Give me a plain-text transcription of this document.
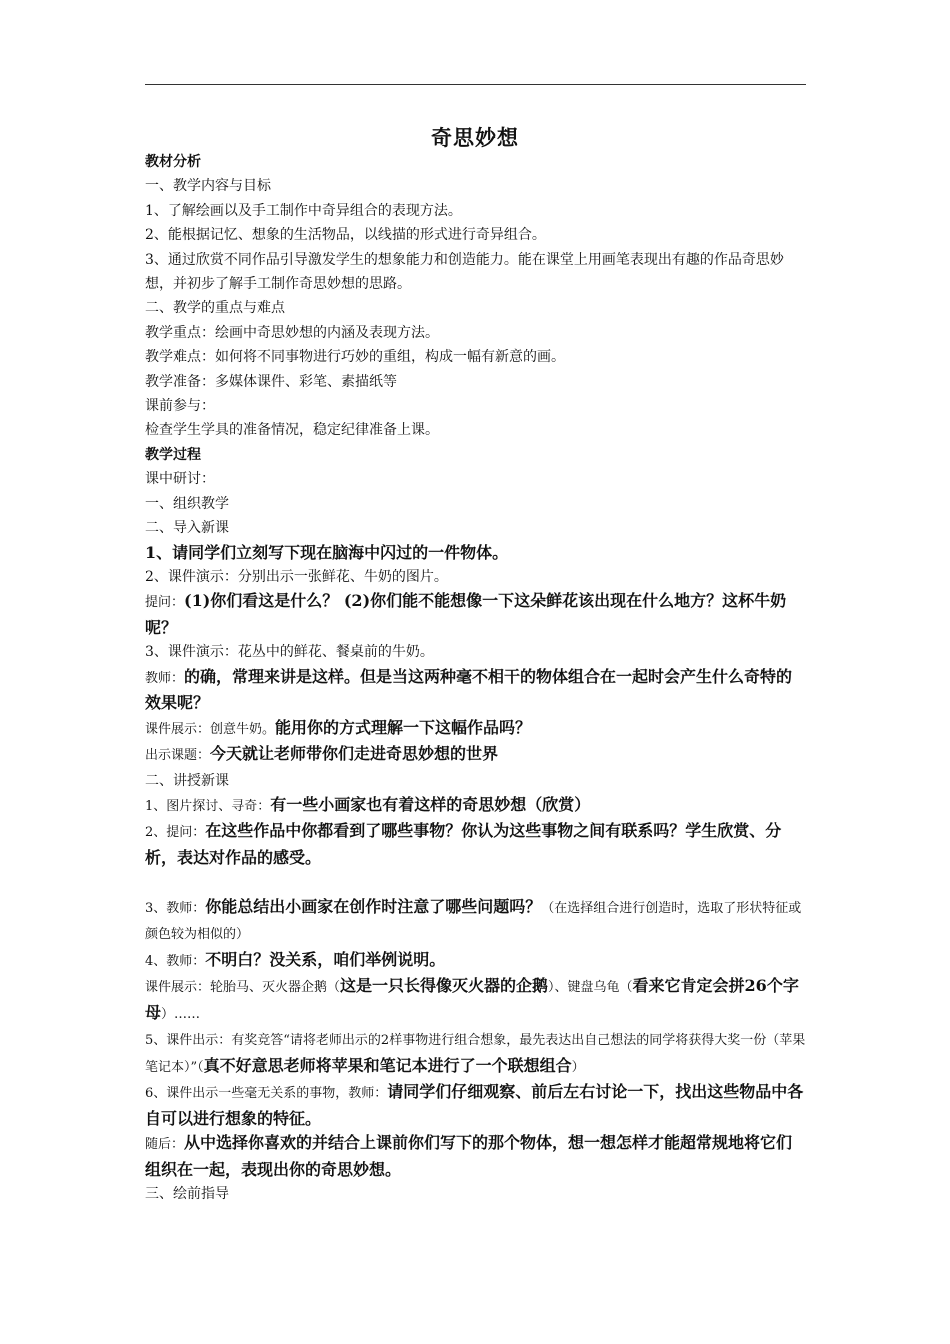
奇思妙想
教材分析
一、教学内容与目标
1、了解绘画以及手工制作中奇异组合的表现方法。
2、能根据记忆、想象的生活物品，以线描的形式进行奇异组合。
3、通过欣赏不同作品引导激发学生的想象能力和创造能力。能在课堂上用画笔表现出有趣的作品奇思妙想，并初步了解手工制作奇思妙想的思路。
二、教学的重点与难点
教学重点：绘画中奇思妙想的内涵及表现方法。
教学难点：如何将不同事物进行巧妙的重组，构成一幅有新意的画。
教学准备：多媒体课件、彩笔、素描纸等
课前参与：
检查学生学具的准备情况，稳定纪律准备上课。
教学过程
课中研讨：
一、组织教学
二、导入新课
1、请同学们立刻写下现在脑海中闪过的一件物体。
2、课件演示：分别出示一张鲜花、牛奶的图片。
提问：(1)你们看这是什么？ (2)你们能不能想像一下这朵鲜花该出现在什么地方？这杯牛奶呢？
3、课件演示：花丛中的鲜花、餐桌前的牛奶。
教师：的确，常理来讲是这样。但是当这两种毫不相干的物体组合在一起时会产生什么奇特的效果呢？
课件展示：创意牛奶。能用你的方式理解一下这幅作品吗？
出示课题：今天就让老师带你们走进奇思妙想的世界
二、讲授新课
1、图片探讨、寻奇：有一些小画家也有着这样的奇思妙想（欣赏）
2、提问：在这些作品中你都看到了哪些事物？你认为这些事物之间有联系吗？学生欣赏、分析，表达对作品的感受。
3、教师：你能总结出小画家在创作时注意了哪些问题吗？（在选择组合进行创造时，选取了形状特征或颜色较为相似的）
4、教师：不明白？没关系，咱们举例说明。
课件展示：轮胎马、灭火器企鹅（这是一只长得像灭火器的企鹅）、键盘乌龟（看来它肯定会拼26个字母）……
5、课件出示：有奖竞答“请将老师出示的2样事物进行组合想象，最先表达出自己想法的同学将获得大奖一份（苹果笔记本）”（真不好意思老师将苹果和笔记本进行了一个联想组合）
6、课件出示一些毫无关系的事物，教师：请同学们仔细观察、前后左右讨论一下，找出这些物品中各自可以进行想象的特征。
随后：从中选择你喜欢的并结合上课前你们写下的那个物体，想一想怎样才能超常规地将它们组织在一起，表现出你的奇思妙想。
三、绘前指导
